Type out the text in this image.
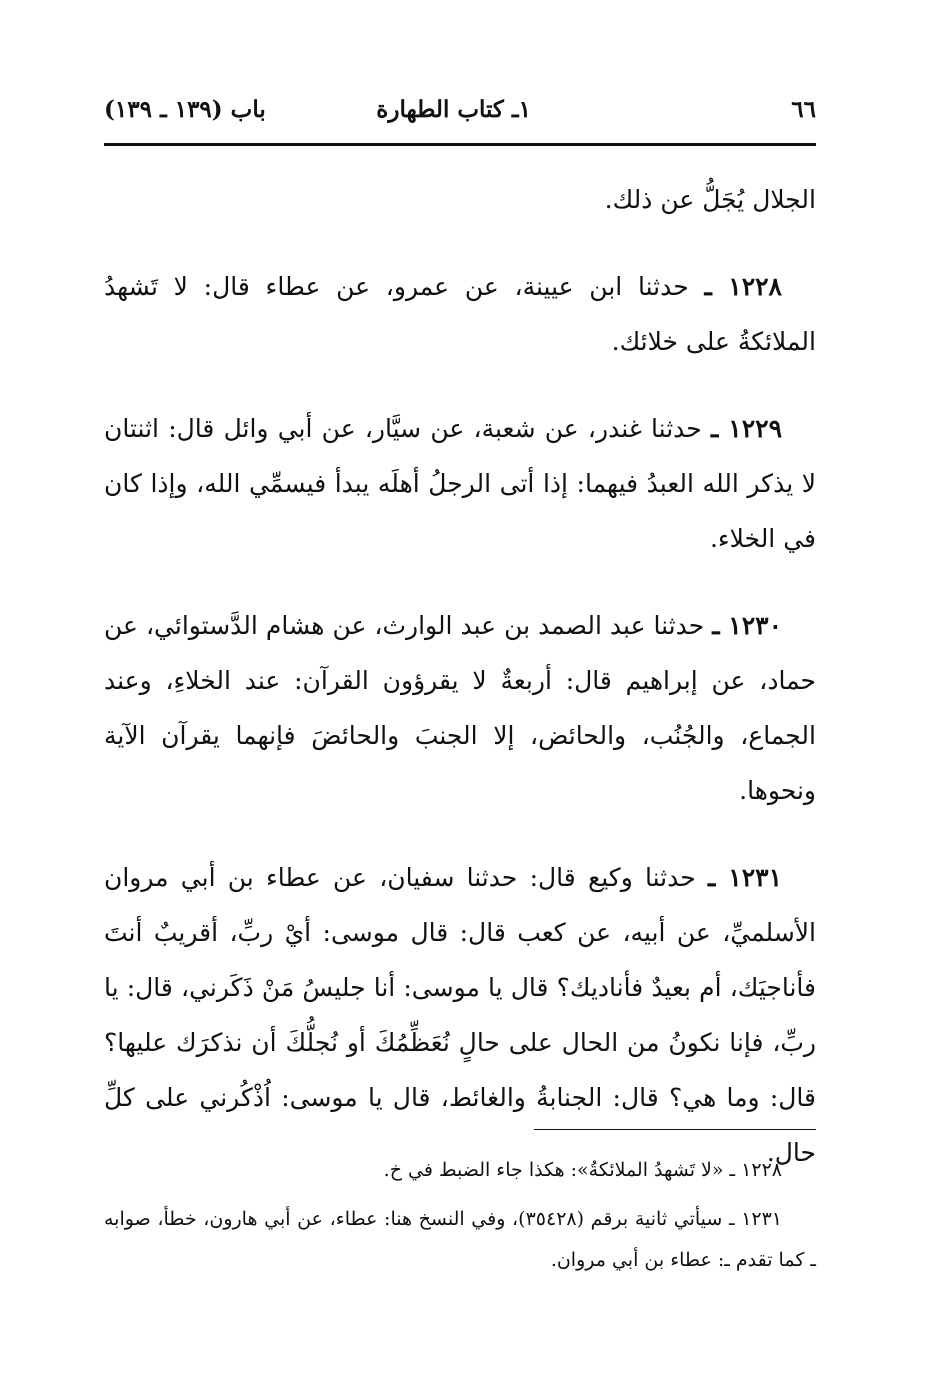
٦٦
١ـ كتاب الطهارة
باب (١٣٩ ـ ١٣٩)

الجلال يُجَلُّ عن ذلك.

١٢٢٨ ـ حدثنا ابن عيينة، عن عمرو، عن عطاء قال: لا تَشهدُ الملائكةُ على خلائك.

١٢٢٩ ـ حدثنا غندر، عن شعبة، عن سيَّار، عن أبي وائل قال: اثنتان لا يذكر الله العبدُ فيهما: إذا أتى الرجلُ أهلَه يبدأ فيسمِّي الله، وإذا كان في الخلاء.

١٢٣٠ ـ حدثنا عبد الصمد بن عبد الوارث، عن هشام الدَّستوائي، عن حماد، عن إبراهيم قال: أربعةٌ لا يقرؤون القرآن: عند الخلاءِ، وعند الجماع، والجُنُب، والحائض، إلا الجنبَ والحائضَ فإنهما يقرآن الآية ونحوها.

١٢٣١ ـ حدثنا وكيع قال: حدثنا سفيان، عن عطاء بن أبي مروان الأسلميِّ، عن أبيه، عن كعب قال: قال موسى: أيْ ربِّ، أقريبٌ أنتَ فأناجيَك، أم بعيدٌ فأناديك؟ قال يا موسى: أنا جليسُ مَنْ ذَكَرني، قال: يا ربِّ، فإنا نكونُ من الحال على حالٍ نُعَظِّمُكَ أو نُجلُّكَ أن نذكرَك عليها؟ قال: وما هي؟ قال: الجنابةُ والغائط، قال يا موسى: اُذْكُرني على كلِّ حال.

١٢٢٨ ـ «لا تَشهدُ الملائكةُ»: هكذا جاء الضبط في خ.

١٢٣١ ـ سيأتي ثانية برقم (٣٥٤٢٨)، وفي النسخ هنا: عطاء، عن أبي هارون، خطأ، صوابه ـ كما تقدم ـ: عطاء بن أبي مروان.
